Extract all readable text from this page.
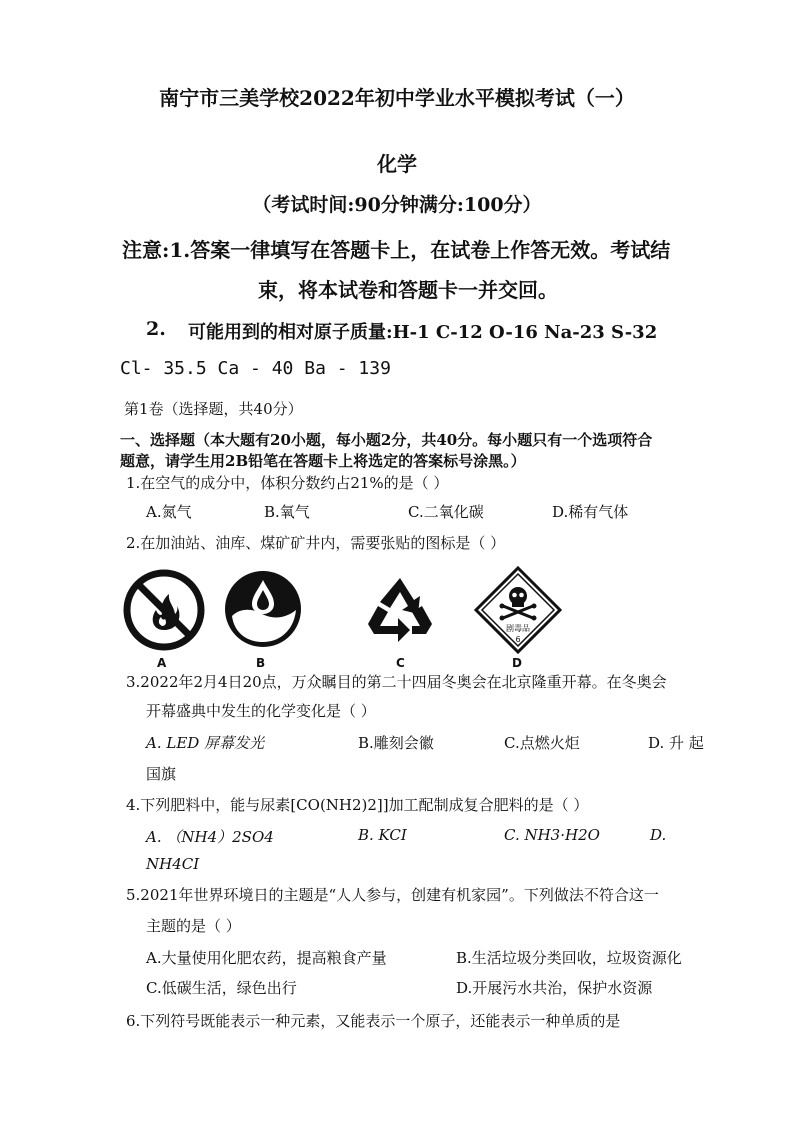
南宁市三美学校2022年初中学业水平模拟考试（一）
化学
（考试时间:90分钟满分:100分）
注意:1.答案一律填写在答题卡上，在试卷上作答无效。考试结
束，将本试卷和答题卡一并交回。
2. 可能用到的相对原子质量:H-1 C-12 O-16 Na-23 S-32
Cl- 35.5 Ca - 40 Ba - 139
第1卷（选择题，共40分）
一、选择题（本大题有20小题，每小题2分，共40分。每小题只有一个选项符合
题意，请学生用2B铅笔在答题卡上将选定的答案标号涂黑。）
1.在空气的成分中，体积分数约占21%的是（ ）
A.氮气	B.氧气	C.二氧化碳	D.稀有气体
2.在加油站、油库、煤矿矿井内，需要张贴的图标是（ ）
A	B	C
剧毒品
6
D
3.2022年2月4日20点，万众瞩目的第二十四届冬奥会在北京隆重开幕。在冬奥会
开幕盛典中发生的化学变化是（ ）
A. LED 屏幕发光	B.雕刻会徽	C.点燃火炬	D. 升 起
国旗
4.下列肥料中，能与尿素[CO(NH2)2]]加工配制成复合肥料的是（ ）
A. （NH4）2SO4	B. KCI	C. NH3·H2O	D.
NH4CI
5.2021年世界环境日的主题是“人人参与，创建有机家园”。下列做法不符合这一
主题的是（ ）
A.大量使用化肥农药，提高粮食产量	B.生活垃圾分类回收，垃圾资源化
C.低碳生活，绿色出行	D.开展污水共治，保护水资源
6.下列符号既能表示一种元素，又能表示一个原子，还能表示一种单质的是
